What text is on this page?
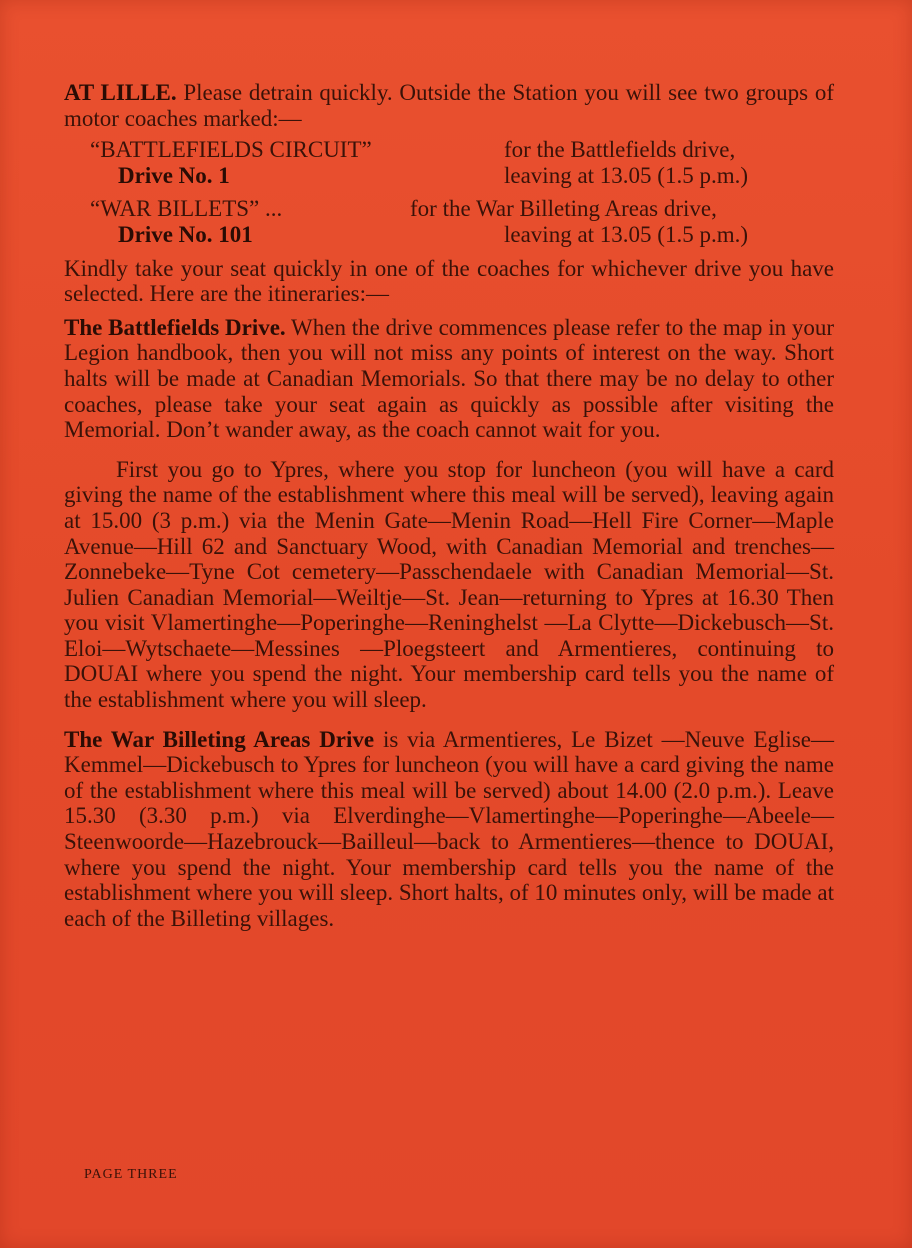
AT LILLE. Please detrain quickly. Outside the Station you will see two groups of motor coaches marked:—

“BATTLEFIELDS CIRCUIT”	for the Battlefields drive,
Drive No. 1	leaving at 13.05 (1.5 p.m.)
“WAR BILLETS” ...	for the War Billeting Areas drive,
Drive No. 101	leaving at 13.05 (1.5 p.m.)

Kindly take your seat quickly in one of the coaches for whichever drive you have selected. Here are the itineraries:—

The Battlefields Drive. When the drive commences please refer to the map in your Legion handbook, then you will not miss any points of interest on the way. Short halts will be made at Canadian Memorials. So that there may be no delay to other coaches, please take your seat again as quickly as possible after visiting the Memorial. Don’t wander away, as the coach cannot wait for you.

First you go to Ypres, where you stop for luncheon (you will have a card giving the name of the establishment where this meal will be served), leaving again at 15.00 (3 p.m.) via the Menin Gate—Menin Road—Hell Fire Corner—Maple Avenue—Hill 62 and Sanctuary Wood, with Canadian Memorial and trenches—Zonnebeke—Tyne Cot cemetery—Passchendaele with Canadian Memorial—St. Julien Canadian Memorial—Weiltje—St. Jean—returning to Ypres at 16.30 Then you visit Vlamertinghe—Poperinghe—Reninghelst —La Clytte—Dickebusch—St. Eloi—Wytschaete—Messines —Ploegsteert and Armentieres, continuing to DOUAI where you spend the night. Your membership card tells you the name of the establishment where you will sleep.

The War Billeting Areas Drive is via Armentieres, Le Bizet —Neuve Eglise—Kemmel—Dickebusch to Ypres for luncheon (you will have a card giving the name of the establishment where this meal will be served) about 14.00 (2.0 p.m.). Leave 15.30 (3.30 p.m.) via Elverdinghe—Vlamertinghe—Poperinghe—Abeele—Steenwoorde—Hazebrouck—Bailleul—back to Armentieres—thence to DOUAI, where you spend the night. Your membership card tells you the name of the establishment where you will sleep. Short halts, of 10 minutes only, will be made at each of the Billeting villages.

PAGE THREE
